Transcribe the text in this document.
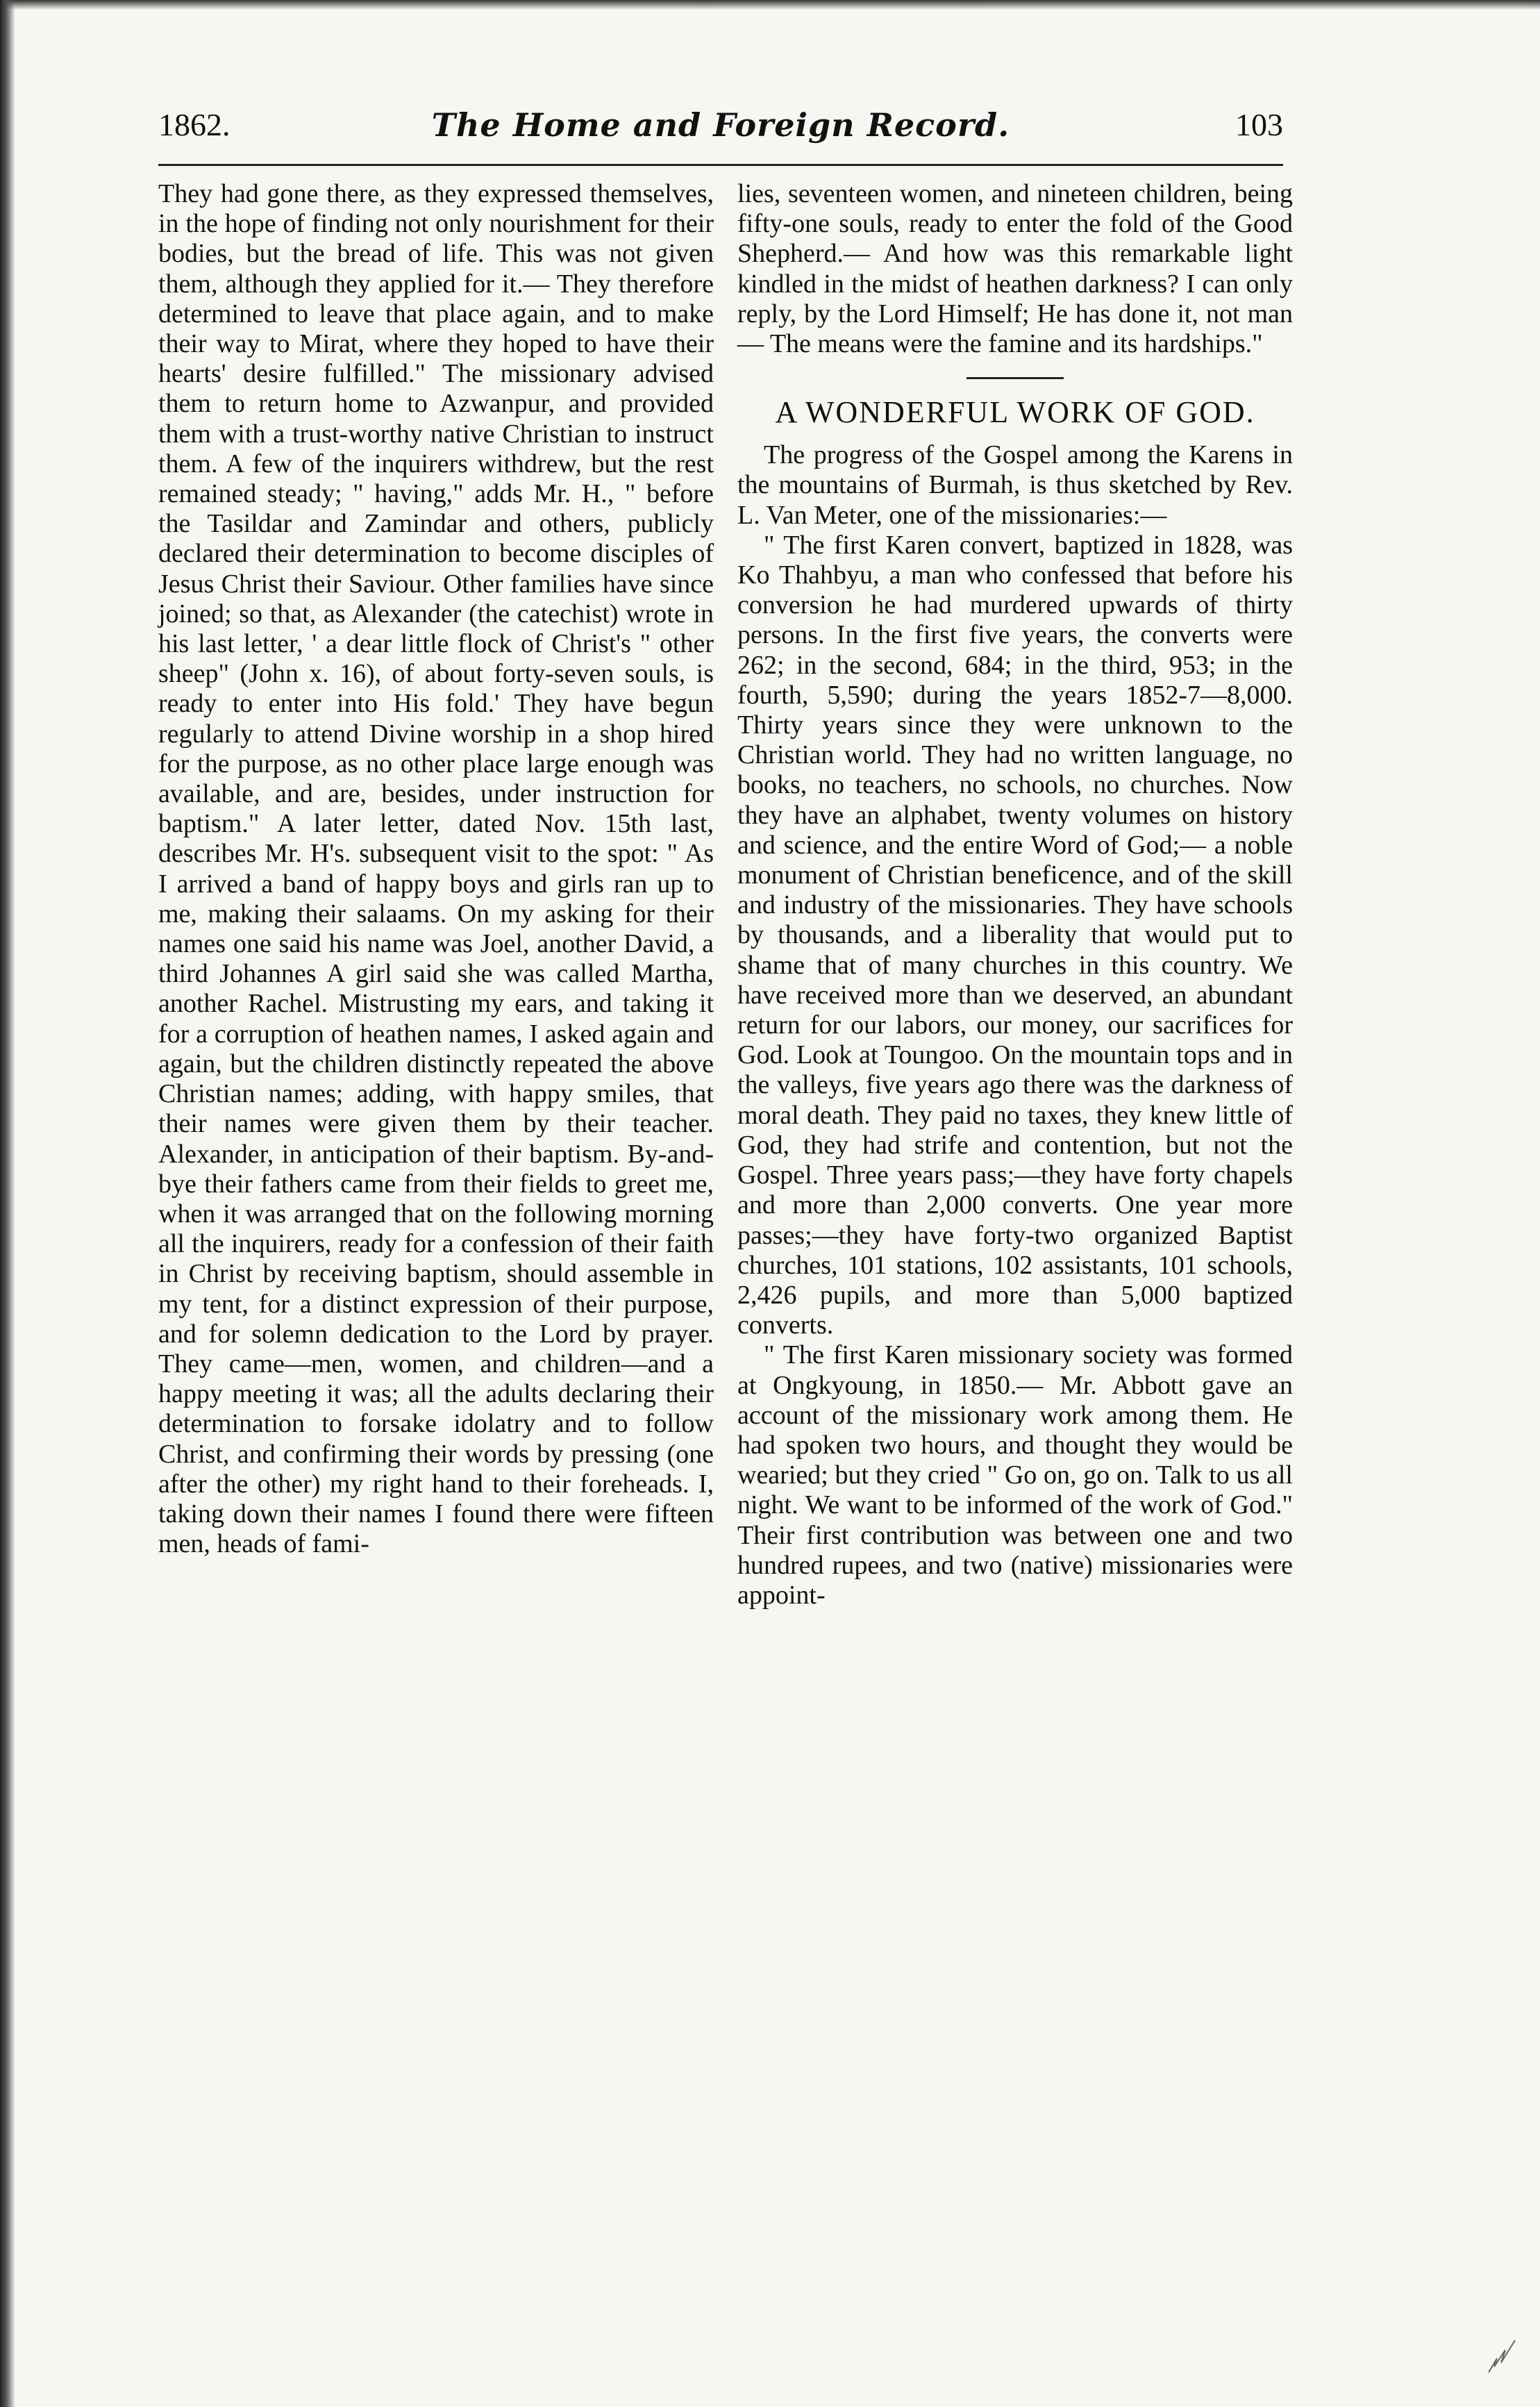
1862.	The Home and Foreign Record.	103

They had gone there, as they expressed themselves, in the hope of finding not only nourishment for their bodies, but the bread of life. This was not given them, although they applied for it.— They therefore determined to leave that place again, and to make their way to Mirat, where they hoped to have their hearts' desire fulfilled." The missionary advised them to return home to Azwanpur, and provided them with a trust-worthy native Christian to instruct them. A few of the inquirers withdrew, but the rest remained steady; " having," adds Mr. H., " before the Tasildar and Zamindar and others, publicly declared their determination to become disciples of Jesus Christ their Saviour. Other families have since joined; so that, as Alexander (the catechist) wrote in his last letter, ' a dear little flock of Christ's " other sheep" (John x. 16), of about forty-seven souls, is ready to enter into His fold.' They have begun regularly to attend Divine worship in a shop hired for the purpose, as no other place large enough was available, and are, besides, under instruction for baptism." A later letter, dated Nov. 15th last, describes Mr. H's. subsequent visit to the spot: " As I arrived a band of happy boys and girls ran up to me, making their salaams. On my asking for their names one said his name was Joel, another David, a third Johannes A girl said she was called Martha, another Rachel. Mistrusting my ears, and taking it for a corruption of heathen names, I asked again and again, but the children distinctly repeated the above Christian names; adding, with happy smiles, that their names were given them by their teacher. Alexander, in anticipation of their baptism. By-and-bye their fathers came from their fields to greet me, when it was arranged that on the following morning all the inquirers, ready for a confession of their faith in Christ by receiving baptism, should assemble in my tent, for a distinct expression of their purpose, and for solemn dedication to the Lord by prayer. They came—men, women, and children—and a happy meeting it was; all the adults declaring their determination to forsake idolatry and to follow Christ, and confirming their words by pressing (one after the other) my right hand to their foreheads. I, taking down their names I found there were fifteen men, heads of fami-

lies, seventeen women, and nineteen children, being fifty-one souls, ready to enter the fold of the Good Shepherd.— And how was this remarkable light kindled in the midst of heathen darkness? I can only reply, by the Lord Himself; He has done it, not man — The means were the famine and its hardships."

A WONDERFUL WORK OF GOD.

The progress of the Gospel among the Karens in the mountains of Burmah, is thus sketched by Rev. L. Van Meter, one of the missionaries:—

" The first Karen convert, baptized in 1828, was Ko Thahbyu, a man who confessed that before his conversion he had murdered upwards of thirty persons. In the first five years, the converts were 262; in the second, 684; in the third, 953; in the fourth, 5,590; during the years 1852-7—8,000. Thirty years since they were unknown to the Christian world. They had no written language, no books, no teachers, no schools, no churches. Now they have an alphabet, twenty volumes on history and science, and the entire Word of God;— a noble monument of Christian beneficence, and of the skill and industry of the missionaries. They have schools by thousands, and a liberality that would put to shame that of many churches in this country. We have received more than we deserved, an abundant return for our labors, our money, our sacrifices for God. Look at Toungoo. On the mountain tops and in the valleys, five years ago there was the darkness of moral death. They paid no taxes, they knew little of God, they had strife and contention, but not the Gospel. Three years pass;—they have forty chapels and more than 2,000 converts. One year more passes;—they have forty-two organized Baptist churches, 101 stations, 102 assistants, 101 schools, 2,426 pupils, and more than 5,000 baptized converts.

" The first Karen missionary society was formed at Ongkyoung, in 1850.— Mr. Abbott gave an account of the missionary work among them. He had spoken two hours, and thought they would be wearied; but they cried " Go on, go on. Talk to us all night. We want to be informed of the work of God." Their first contribution was between one and two hundred rupees, and two (native) missionaries were appoint-
